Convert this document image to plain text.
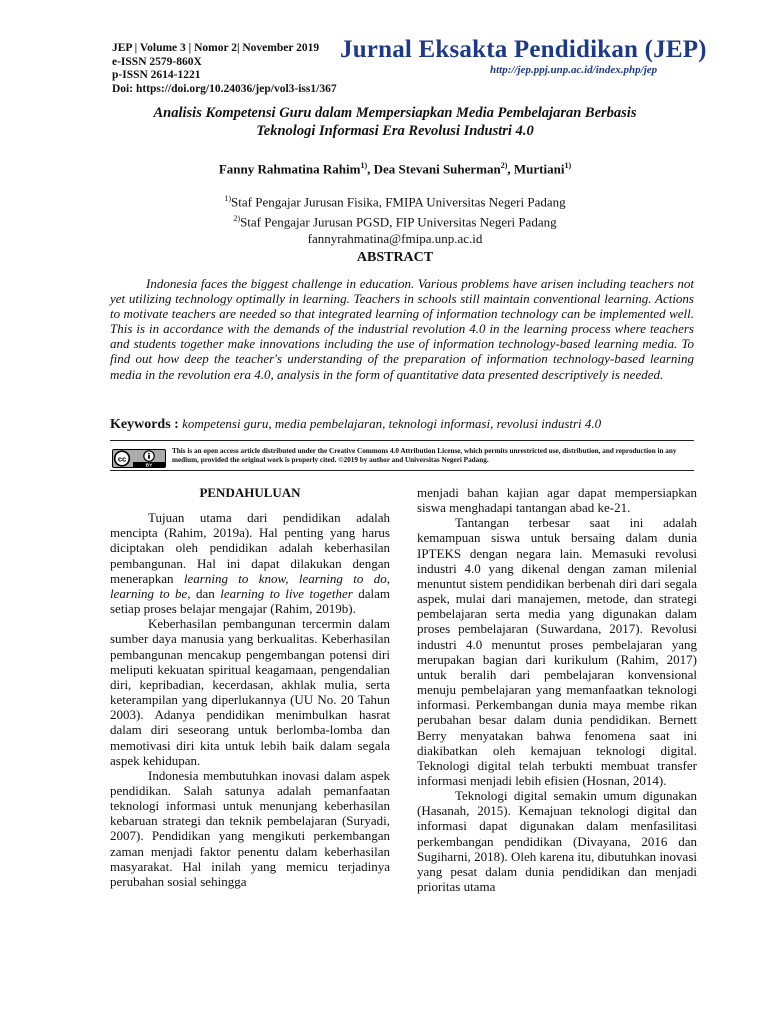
JEP | Volume 3 | Nomor 2| November 2019
e-ISSN 2579-860X
p-ISSN 2614-1221
Doi: https://doi.org/10.24036/jep/vol3-iss1/367
Jurnal Eksakta Pendidikan (JEP)
http://jep.ppj.unp.ac.id/index.php/jep
Analisis Kompetensi Guru dalam Mempersiapkan Media Pembelajaran Berbasis
Teknologi Informasi Era Revolusi Industri 4.0
Fanny Rahmatina Rahim$^{1)}$, Dea Stevani Suherman$^{2)}$, Murtiani$^{1)}$
$^{1)}$Staf Pengajar Jurusan Fisika, FMIPA Universitas Negeri Padang
$^{2)}$Staf Pengajar Jurusan PGSD, FIP Universitas Negeri Padang
fannyrahmatina@fmipa.unp.ac.id
ABSTRACT

Indonesia faces the biggest challenge in education. Various problems have arisen including teachers not yet utilizing technology optimally in learning. Teachers in schools still maintain conventional learning. Actions to motivate teachers are needed so that integrated learning of information technology can be implemented well. This is in accordance with the demands of the industrial revolution 4.0 in the learning process where teachers and students together make innovations including the use of information technology-based learning media. To find out how deep the teacher's understanding of the preparation of information technology-based learning media in the revolution era 4.0, analysis in the form of quantitative data presented descriptively is needed.

Keywords : kompetensi guru, media pembelajaran, teknologi informasi, revolusi industri 4.0
cc
BY
This is an open access article distributed under the Creative Commons 4.0 Attribution License, which permits unrestricted use, distribution, and reproduction in any medium, provided the original work is properly cited. ©2019 by author and Universitas Negeri Padang.

PENDAHULUAN

Tujuan utama dari pendidikan adalah mencipta (Rahim, 2019a). Hal penting yang harus diciptakan oleh pendidikan adalah keberhasilan pembangunan. Hal ini dapat dilakukan dengan menerapkan learning to know, learning to do, learning to be, dan learning to live together dalam setiap proses belajar mengajar (Rahim, 2019b).

Keberhasilan pembangunan tercermin dalam sumber daya manusia yang berkualitas. Keberhasilan pembangunan mencakup pengembangan potensi diri meliputi kekuatan spiritual keagamaan, pengendalian diri, kepribadian, kecerdasan, akhlak mulia, serta keterampilan yang diperlukannya (UU No. 20 Tahun 2003). Adanya pendidikan menimbulkan hasrat dalam diri seseorang untuk berlomba-lomba dan memotivasi diri kita untuk lebih baik dalam segala aspek kehidupan.

Indonesia membutuhkan inovasi dalam aspek pendidikan. Salah satunya adalah pemanfaatan teknologi informasi untuk menunjang keberhasilan kebaruan strategi dan teknik pembelajaran (Suryadi, 2007). Pendidikan yang mengikuti perkembangan zaman menjadi faktor penentu dalam keberhasilan masyarakat. Hal inilah yang memicu terjadinya perubahan sosial sehingga

menjadi bahan kajian agar dapat mempersiapkan siswa menghadapi tantangan abad ke-21.

Tantangan terbesar saat ini adalah kemampuan siswa untuk bersaing dalam dunia IPTEKS dengan negara lain. Memasuki revolusi industri 4.0 yang dikenal dengan zaman milenial menuntut sistem pendidikan berbenah diri dari segala aspek, mulai dari manajemen, metode, dan strategi pembelajaran serta media yang digunakan dalam proses pembelajaran (Suwardana, 2017). Revolusi industri 4.0 menuntut proses pembelajaran yang merupakan bagian dari kurikulum (Rahim, 2017) untuk beralih dari pembelajaran konvensional menuju pembelajaran yang memanfaatkan teknologi informasi. Perkembangan dunia maya membe rikan perubahan besar dalam dunia pendidikan. Bernett Berry menyatakan bahwa fenomena saat ini diakibatkan oleh kemajuan teknologi digital. Teknologi digital telah terbukti membuat transfer informasi menjadi lebih efisien (Hosnan, 2014).

Teknologi digital semakin umum digunakan (Hasanah, 2015). Kemajuan teknologi digital dan informasi dapat digunakan dalam menfasilitasi perkembangan pendidikan (Divayana, 2016 dan Sugiharni, 2018). Oleh karena itu, dibutuhkan inovasi yang pesat dalam dunia pendidikan dan menjadi prioritas utama
